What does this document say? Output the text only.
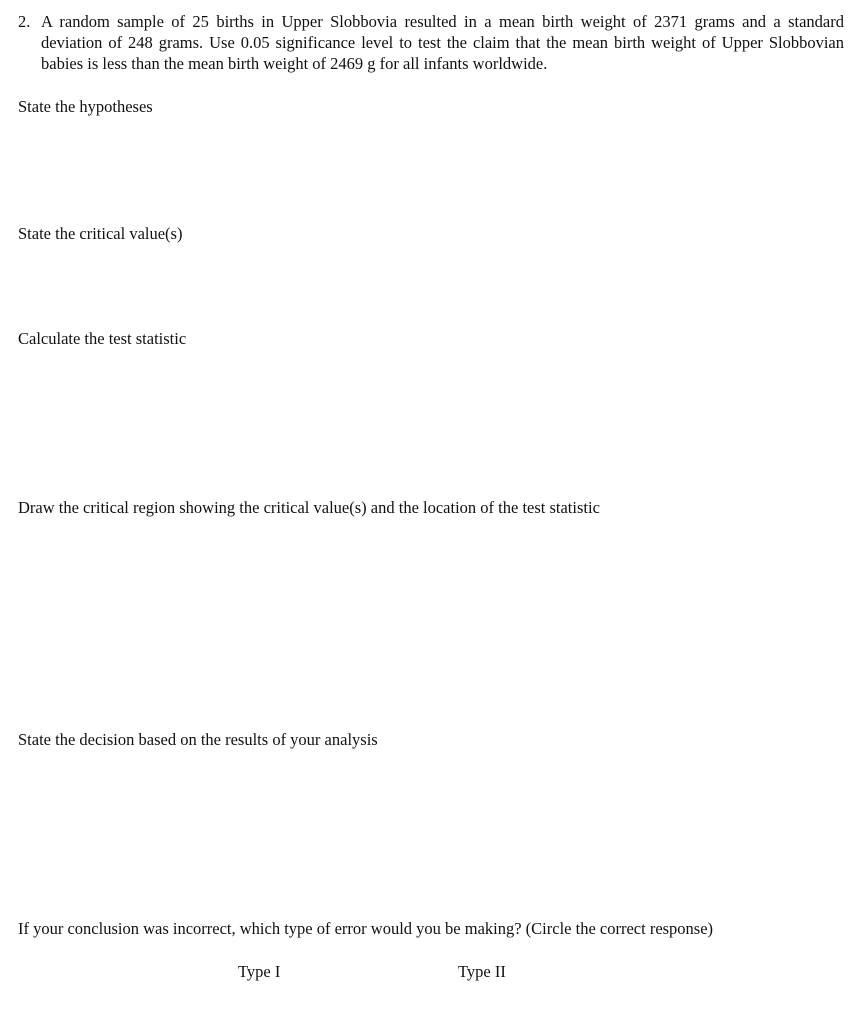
2. A random sample of 25 births in Upper Slobbovia resulted in a mean birth weight of 2371 grams and a standard deviation of 248 grams. Use 0.05 significance level to test the claim that the mean birth weight of Upper Slobbovian babies is less than the mean birth weight of 2469 g for all infants worldwide.
State the hypotheses
State the critical value(s)
Calculate the test statistic
Draw the critical region showing the critical value(s) and the location of the test statistic
State the decision based on the results of your analysis
If your conclusion was incorrect, which type of error would you be making? (Circle the correct response)
Type I	Type II
